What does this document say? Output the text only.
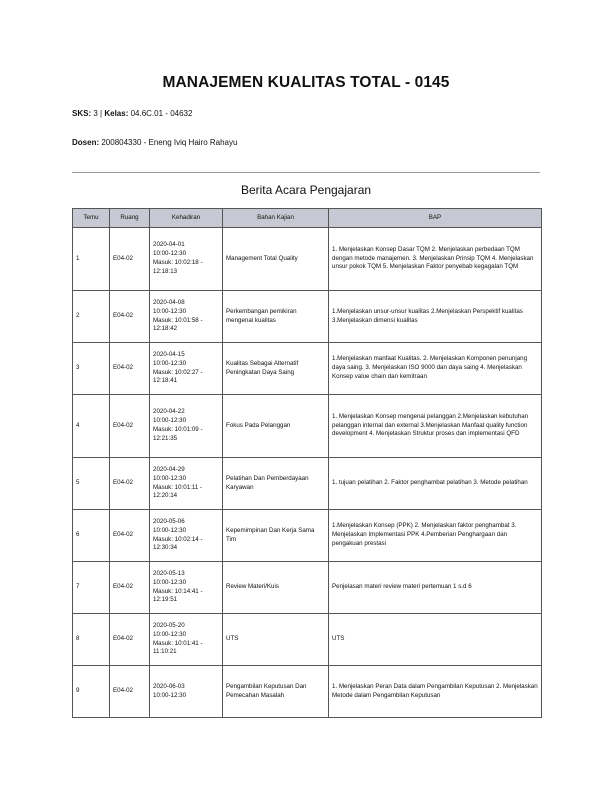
MANAJEMEN KUALITAS TOTAL - 0145
SKS: 3 | Kelas: 04.6C.01 - 04632
Dosen: 200804330 - Eneng Iviq Hairo Rahayu
Berita Acara Pengajaran
Temu	Ruang	Kehadiran	Bahan Kajian	BAP
1	E04-02	2020-04-01
10:00-12:30
Masuk: 10:02:18 -
12:18:13	Management Total Quality	1. Menjelaskan Konsep Dasar TQM 2. Menjelaskan perbedaan TQM dengan metode manajemen. 3. Menjelaskan Prinsip TQM 4. Menjelaskan unsur pokok TQM 5. Menjelaskan Faktor penyebab kegagalan TQM
2	E04-02	2020-04-08
10:00-12:30
Masuk: 10:01:58 -
12:18:42	Perkembangan pemikiran mengenai kualitas	1.Menjelaskan unsur-unsur kualitas 2.Menjelaskan Perspektif kualitas 3.Menjelaskan dimensi kualitas
3	E04-02	2020-04-15
10:00-12:30
Masuk: 10:02:27 -
12:18:41	Kualitas Sebagai Alternatif Peningkatan Daya Saing	1.Menjelaskan manfaat Kualitas. 2. Menjelaskan Komponen penunjang daya saing. 3. Menjelaskan ISO 9000 dan daya saing 4. Menjelaskan Konsep value chain dan kemitraan
4	E04-02	2020-04-22
10:00-12:30
Masuk: 10:01:09 -
12:21:35	Fokus Pada Pelanggan	1. Menjelaskan Konsep mengenai pelanggan 2.Menjelaskan kebutuhan pelanggan internal dan external 3.Menjelaskan Manfaat quality function development 4. Menjelaskan Struktur proses dan implementasi QFD
5	E04-02	2020-04-29
10:00-12:30
Masuk: 10:01:11 -
12:20:14	Pelatihan Dan Pemberdayaan Karyawan	1. tujuan pelatihan 2. Faktor penghambat pelatihan 3. Metode pelatihan
6	E04-02	2020-05-06
10:00-12:30
Masuk: 10:02:14 -
12:30:34	Kepemimpinan Dan Kerja Sama Tim	1.Menjelaskan Konsep (PPK) 2. Menjelaskan faktor penghambat 3. Menjelaskan Implementasi PPK 4.Pemberian Penghargaan dan pengakuan prestasi
7	E04-02	2020-05-13
10:00-12:30
Masuk: 10:14:41 -
12:19:51	Review Materi/Kuis	Penjelasan materi review materi pertemuan 1 s.d 6
8	E04-02	2020-05-20
10:00-12:30
Masuk: 10:01:41 -
11:10:21	UTS	UTS
9	E04-02	2020-06-03
10:00-12:30	Pengambilan Keputusan Dan Pemecahan Masalah	1. Menjelaskan Peran Data dalam Pengambilan Keputusan 2. Menjelaskan Metode dalam Pengambilan Keputusan
